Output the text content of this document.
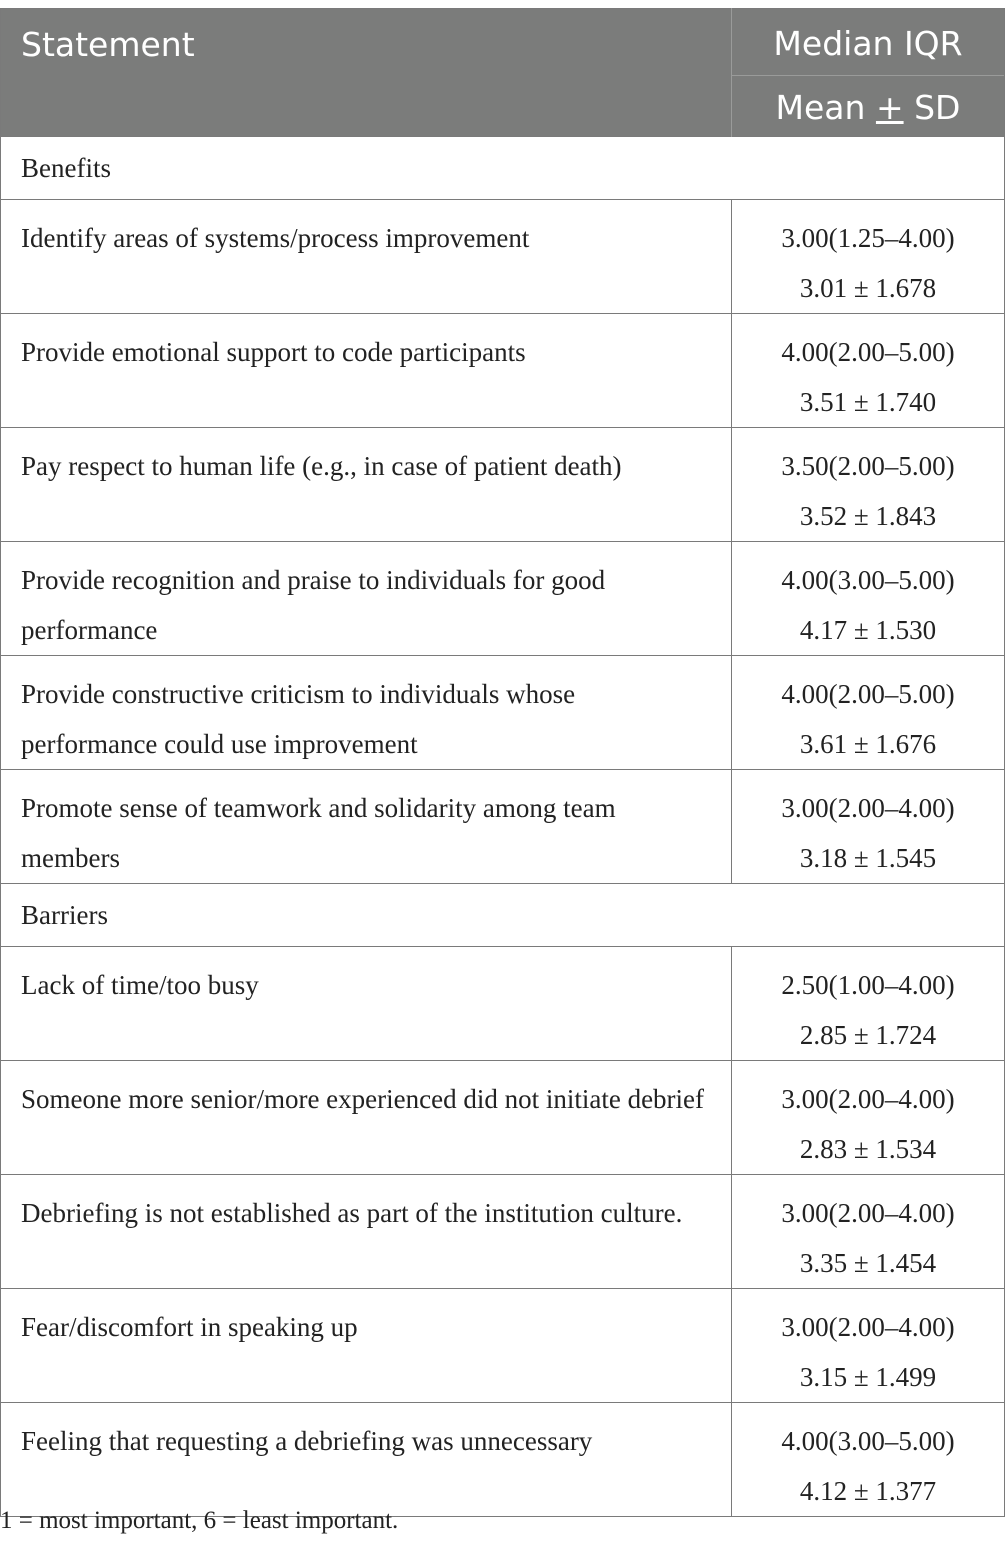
Statement	Median IQR
Mean + SD

Benefits	
Identify areas of systems/process improvement	3.00(1.25–4.00)
3.01 ± 1.678

Provide emotional support to code participants	4.00(2.00–5.00)
3.51 ± 1.740

Pay respect to human life (e.g., in case of patient death)	3.50(2.00–5.00)
3.52 ± 1.843

Provide recognition and praise to individuals for good performance	4.00(3.00–5.00)
4.17 ± 1.530

Provide constructive criticism to individuals whose performance could use improvement	4.00(2.00–5.00)
3.61 ± 1.676

Promote sense of teamwork and solidarity among team members	3.00(2.00–4.00)
3.18 ± 1.545

Barriers	
Lack of time/too busy	2.50(1.00–4.00)
2.85 ± 1.724

Someone more senior/more experienced did not initiate debrief	3.00(2.00–4.00)
2.83 ± 1.534

Debriefing is not established as part of the institution culture.	3.00(2.00–4.00)
3.35 ± 1.454

Fear/discomfort in speaking up	3.00(2.00–4.00)
3.15 ± 1.499

Feeling that requesting a debriefing was unnecessary	4.00(3.00–5.00)
4.12 ± 1.377
1 = most important, 6 = least important.
